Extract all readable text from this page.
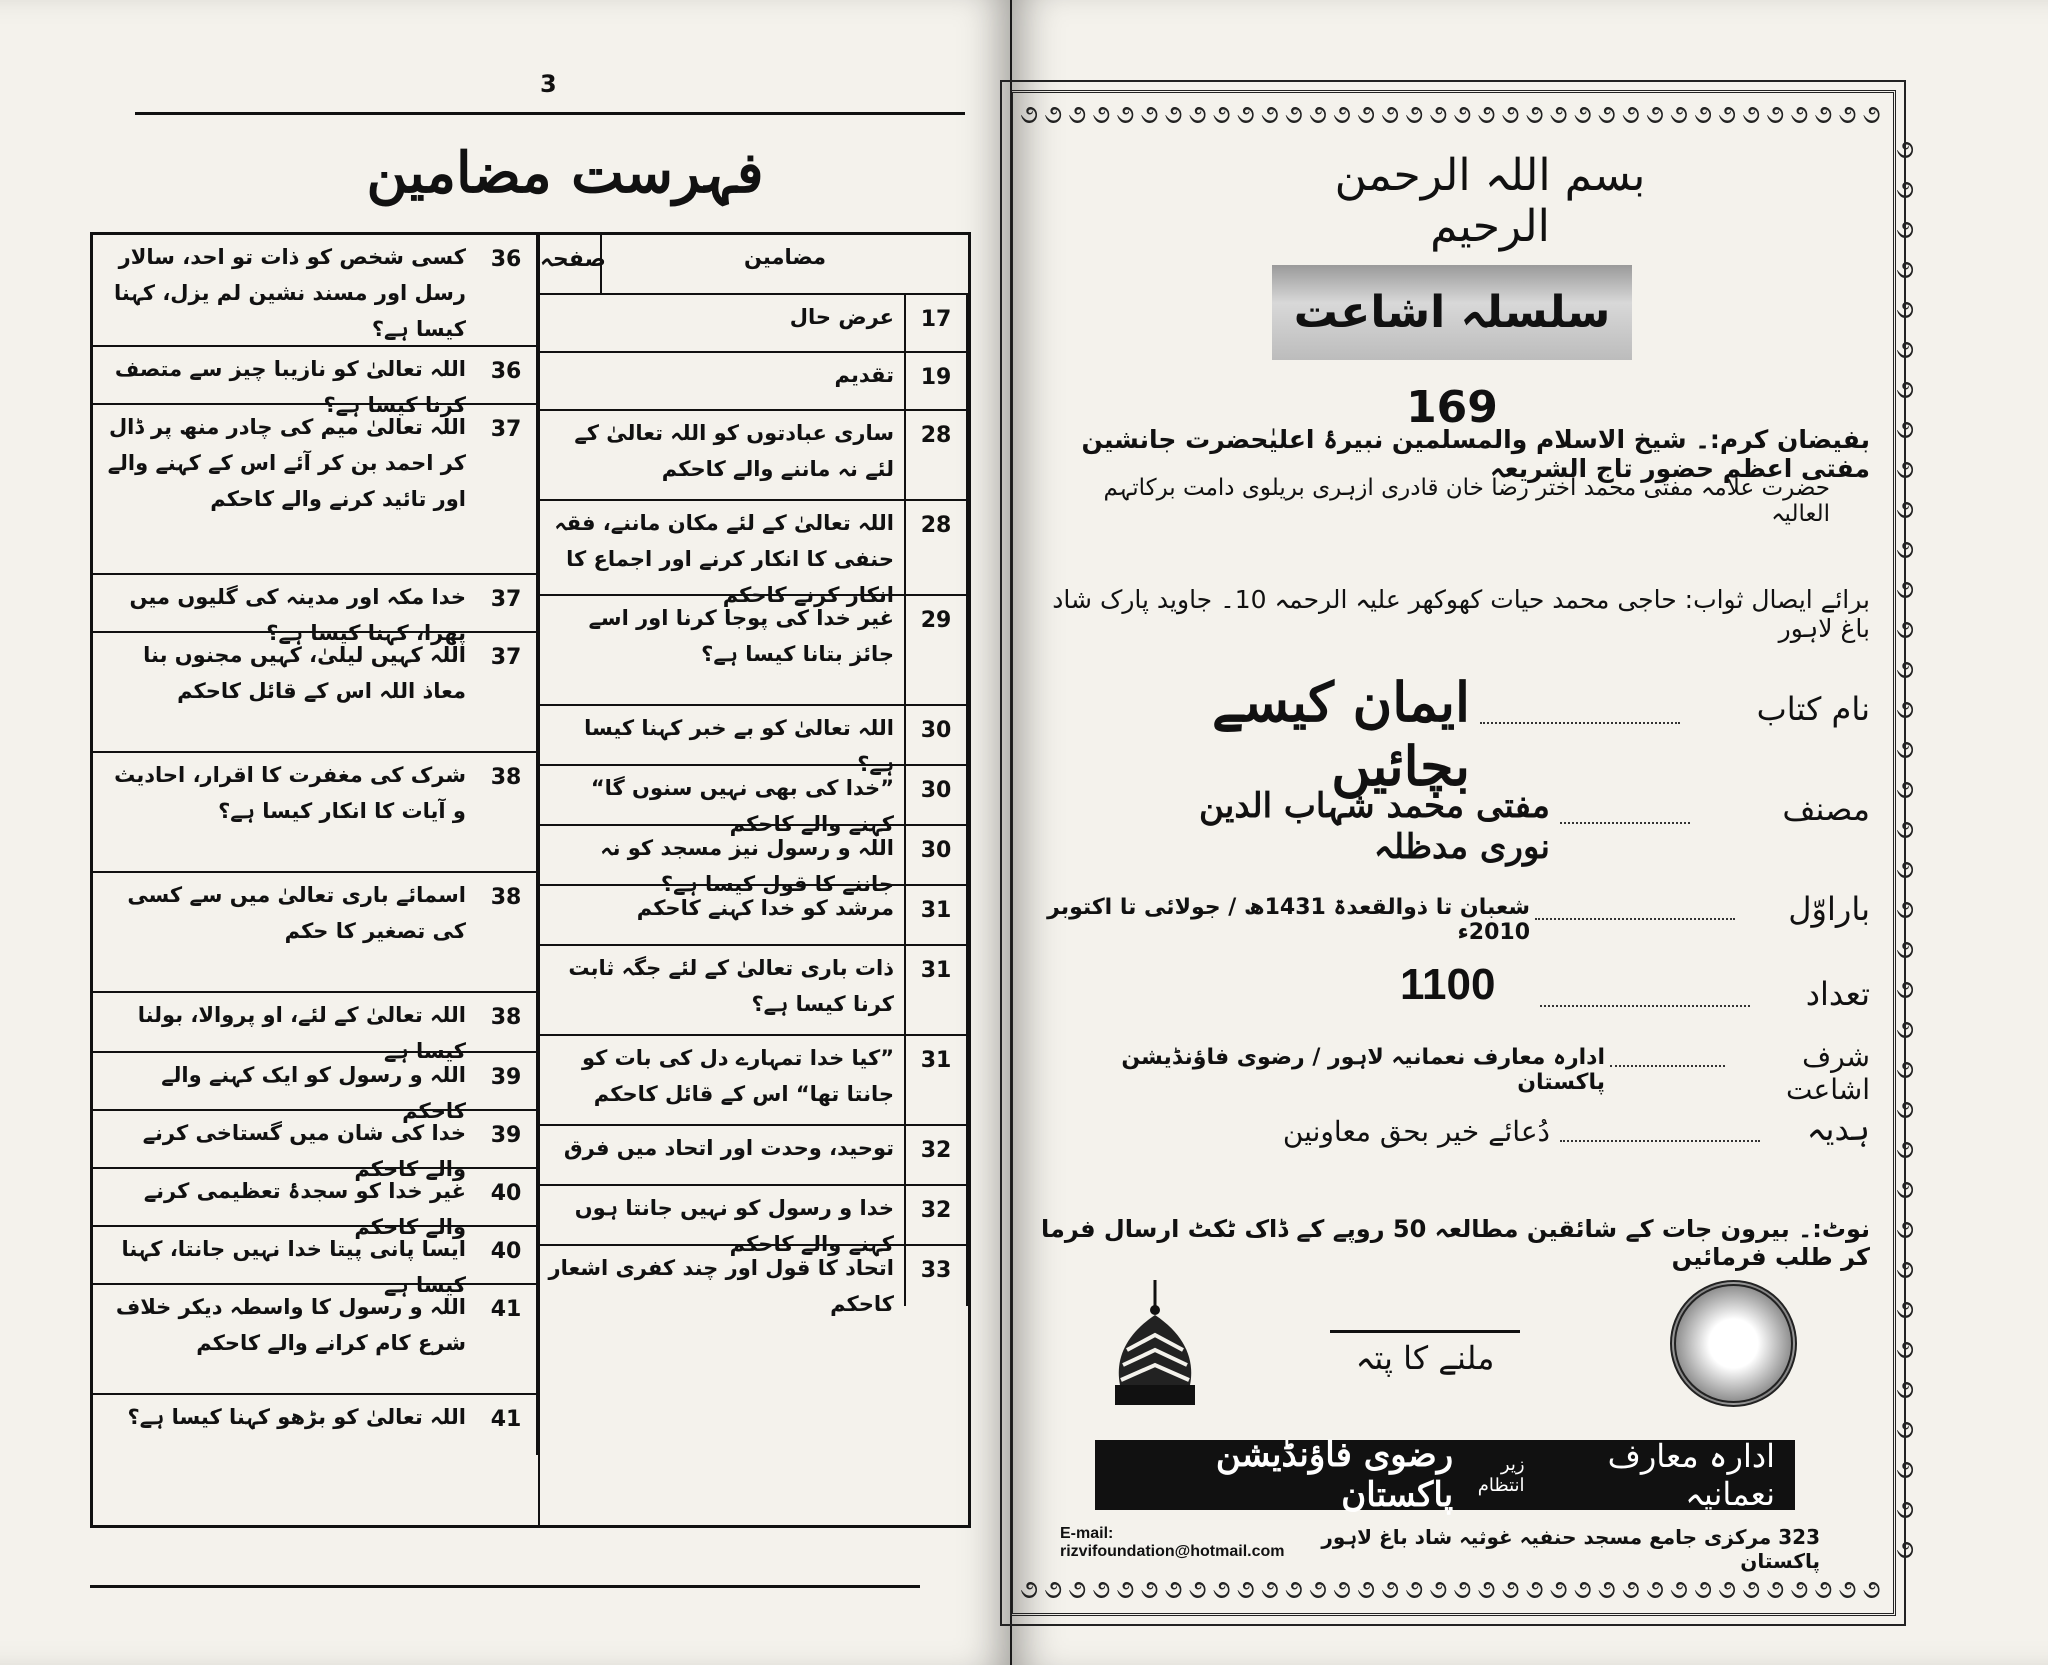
3
فہرست مضامین
مضامین
صفحہ
17
عرض حال
19
تقدیم
28
ساری عبادتوں کو اللہ تعالیٰ کے لئے نہ ماننے والے کاحکم
28
اللہ تعالیٰ کے لئے مکان ماننے، فقہ حنفی کا انکار کرنے اور اجماع کا انکار کرنے کاحکم
29
غیر خدا کی پوجا کرنا اور اسے جائز بتانا کیسا ہے؟
30
اللہ تعالیٰ کو بے خبر کہنا کیسا ہے؟
30
”خدا کی بھی نہیں سنوں گا“ کہنے والے کاحکم
30
اللہ و رسول نیز مسجد کو نہ جاننے کا قول کیسا ہے؟
31
مرشد کو خدا کہنے کاحکم
31
ذات باری تعالیٰ کے لئے جگہ ثابت کرنا کیسا ہے؟
31
”کیا خدا تمہارے دل کی بات کو جانتا تھا“ اس کے قائل کاحکم
32
توحید، وحدت اور اتحاد میں فرق
32
خدا و رسول کو نہیں جانتا ہوں کہنے والے کاحکم
33
اتحاد کا قول اور چند کفری اشعار کاحکم
36
کسی شخص کو ذات تو احد، سالار رسل اور مسند نشین لم یزل، کہنا کیسا ہے؟
36
اللہ تعالیٰ کو نازیبا چیز سے متصف کرنا کیسا ہے؟
37
اللہ تعالیٰ میم کی چادر منھ پر ڈال کر احمد بن کر آئے اس کے کہنے والے اور تائید کرنے والے کاحکم
37
خدا مکہ اور مدینہ کی گلیوں میں پھرا، کہنا کیسا ہے؟
37
اللہ کہیں لیلیٰ، کہیں مجنوں بنا معاذ اللہ اس کے قائل کاحکم
38
شرک کی مغفرت کا اقرار، احادیث و آیات کا انکار کیسا ہے؟
38
اسمائے باری تعالیٰ میں سے کسی کی تصغیر کا حکم
38
اللہ تعالیٰ کے لئے، او پروالا، بولنا کیسا ہے
39
اللہ و رسول کو ایک کہنے والے کاحکم
39
خدا کی شان میں گستاخی کرنے والے کاحکم
40
غیر خدا کو سجدۂ تعظیمی کرنے والے کاحکم
40
ایسا پانی پیتا خدا نہیں جانتا، کہنا کیسا ہے
41
اللہ و رسول کا واسطہ دیکر خلاف شرع کام کرانے والے کاحکم
41
اللہ تعالیٰ کو بڑھو کہنا کیسا ہے؟
૭૭૭૭૭૭૭૭૭૭૭૭૭૭૭૭૭૭૭૭૭૭૭૭૭૭૭૭૭૭૭૭૭૭૭૭
૭૭૭૭૭૭૭૭૭૭૭૭૭૭૭૭૭૭૭૭૭૭૭૭૭૭૭૭૭૭૭૭૭૭૭૭
૭
૭
૭
૭
૭
૭
૭
૭
૭
૭
૭
૭
૭
૭
૭
૭
૭
૭
૭
૭
૭
૭
૭
૭
૭
૭
૭
૭
૭
૭
૭
૭
૭
૭
૭
૭
بسم اللہ الرحمن الرحیم
سلسلہ اشاعت 169
بفیضان کرم:۔ شیخ الاسلام والمسلمین نبیرۂ اعلیٰحضرت جانشین مفتی اعظم حضور تاج الشریعہ
حضرت علامہ مفتی محمد اختر رضا خان قادری ازہری بریلوی دامت برکاتہم العالیہ
برائے ایصال ثواب: حاجی محمد حیات کھوکھر علیہ الرحمہ 10۔ جاوید پارک شاد باغ لاہور
نام کتاب
ایمان کیسے بچائیں
مصنف
مفتی محمد شہاب الدین نوری مدظلہ
باراوّل
شعبان تا ذوالقعدۃ 1431ھ / جولائی تا اکتوبر 2010ء
تعداد
1100
شرف اشاعت
ادارہ معارف نعمانیہ لاہور / رضوی فاؤنڈیشن پاکستان
ہدیہ
دُعائے خیر بحق معاونین
نوٹ:۔ بیرون جات کے شائقین مطالعہ 50 روپے کے ڈاک ٹکٹ ارسال فرما کر طلب فرمائیں
ملنے کا پتہ
ادارہ معارف نعمانیہ
زیر انتظام
رضوی فاؤنڈیشن پاکستان
E-mail: rizvifoundation@hotmail.com
323 مرکزی جامع مسجد حنفیہ غوثیہ شاد باغ لاہور پاکستان
